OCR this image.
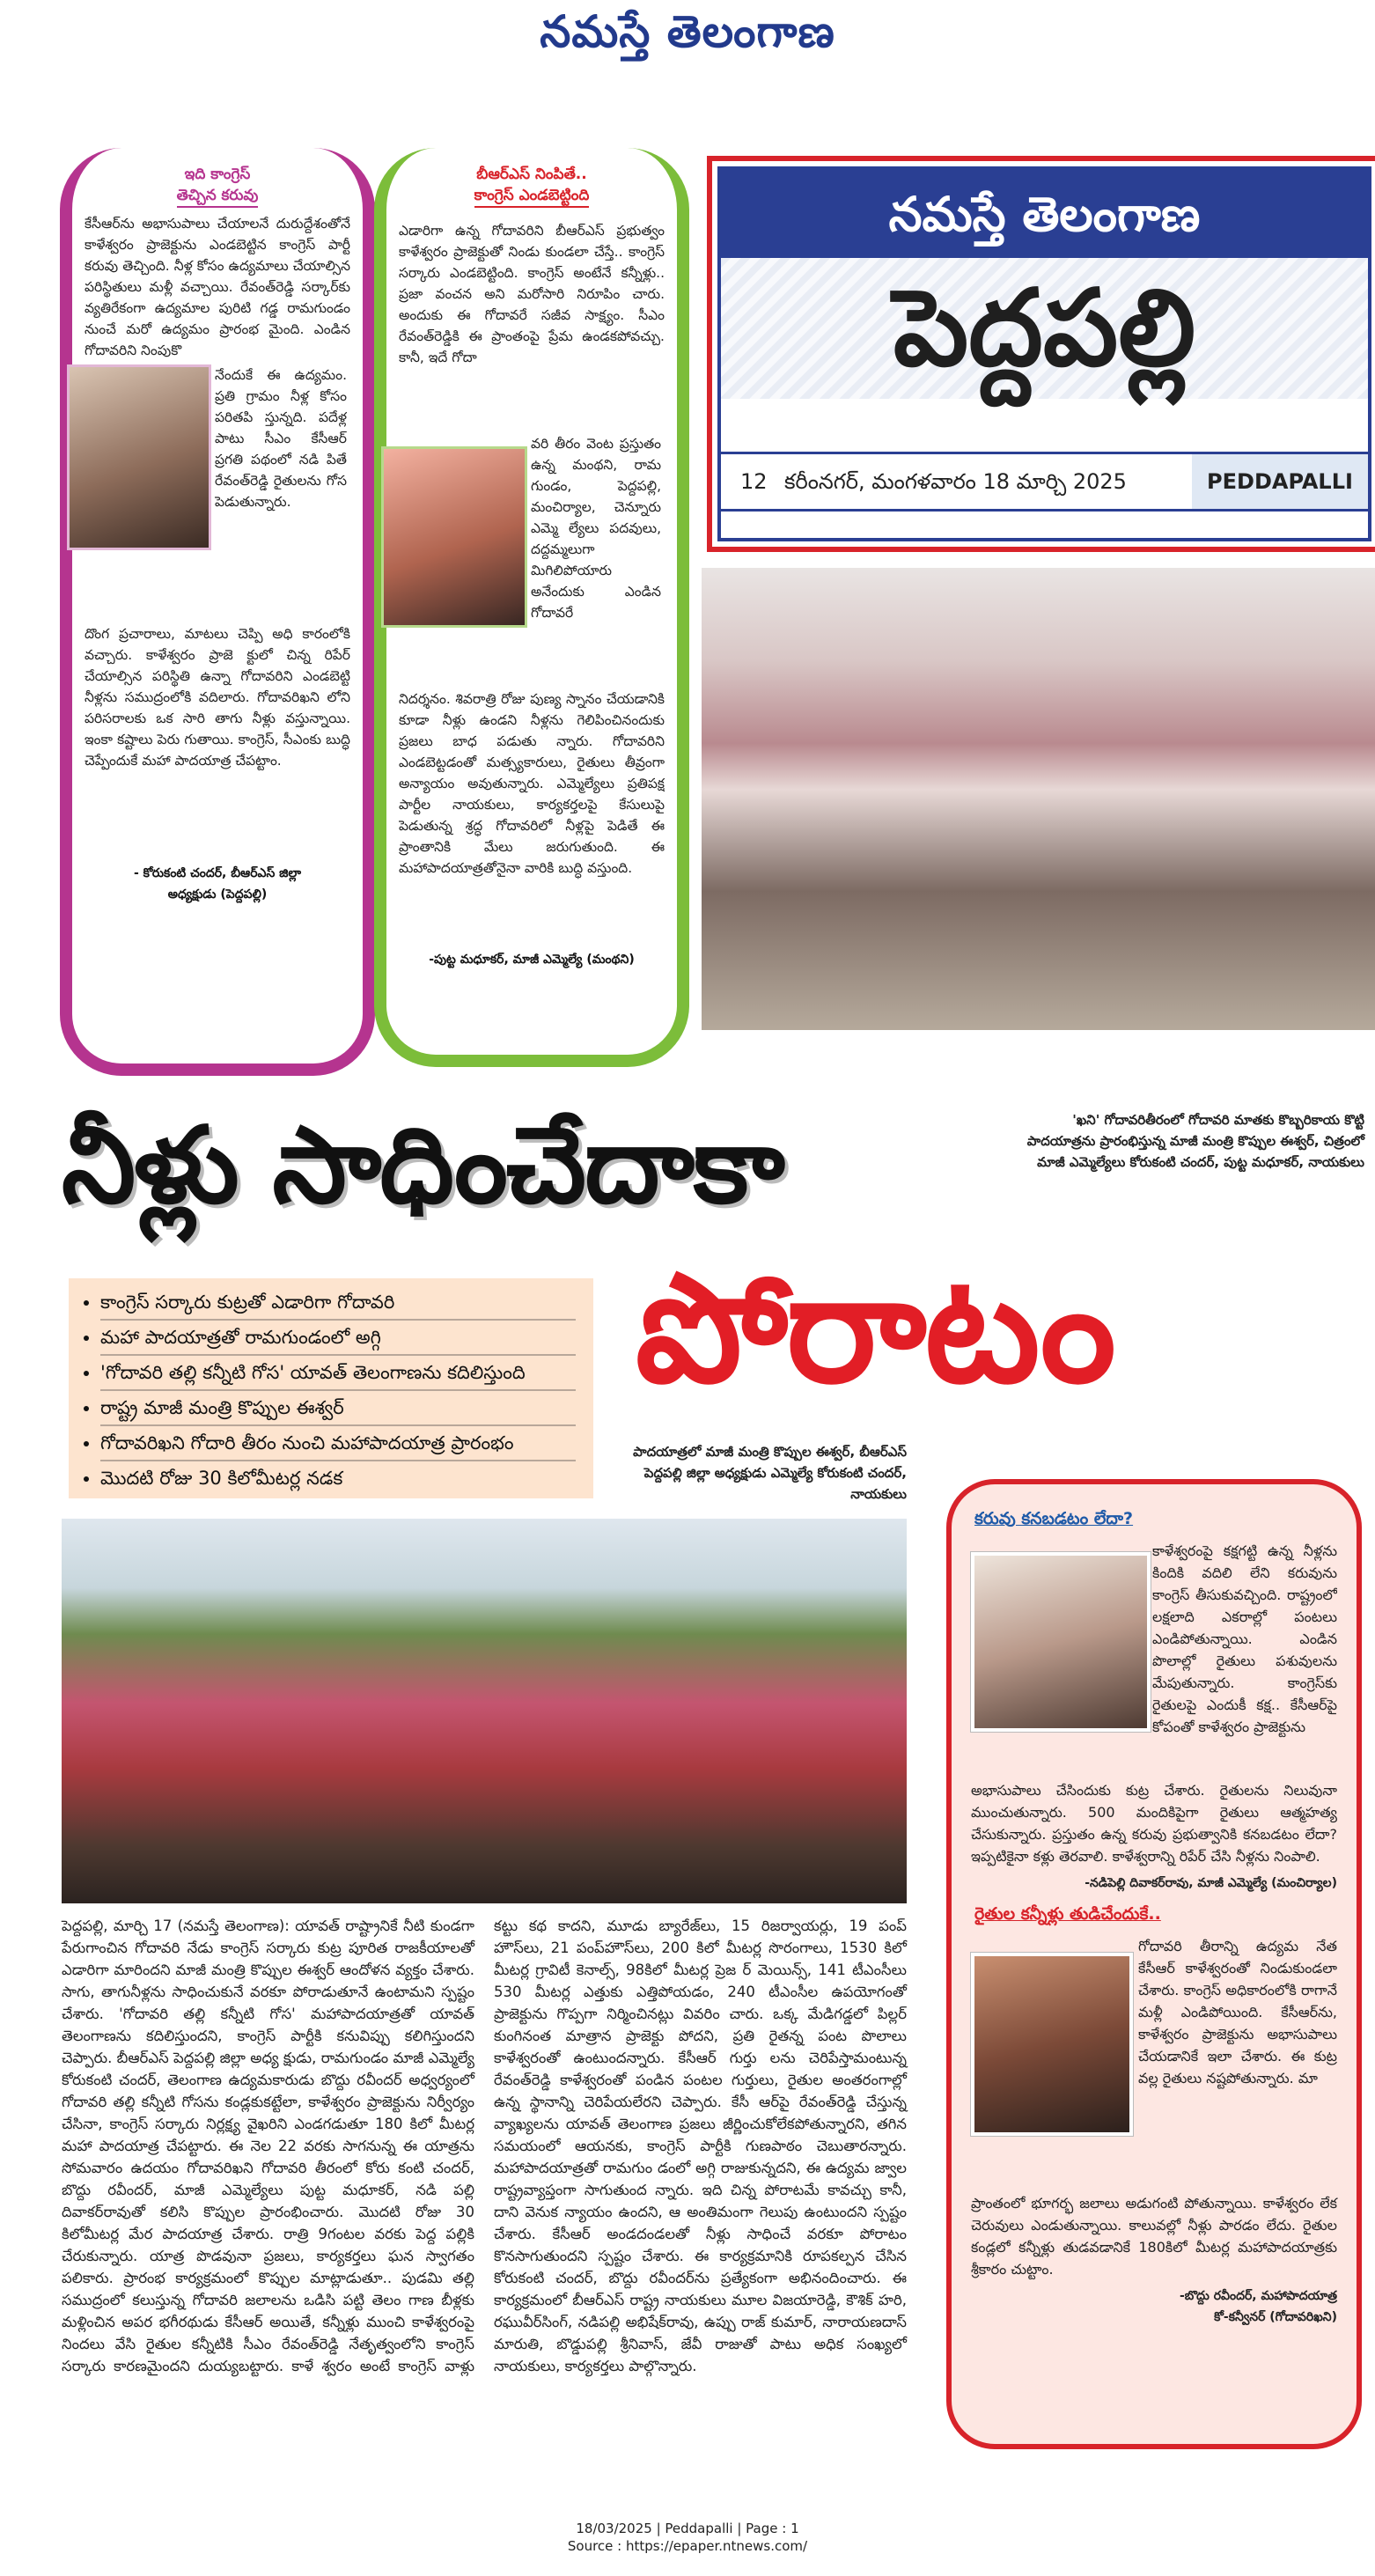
నమస్తే తెలంగాణ
ఇది కాంగ్రెస్
తెచ్చిన కరువు
కేసీఆర్‌ను అభాసుపాలు చేయాలనే దురుద్దేశంతోనే కాళేశ్వరం ప్రాజెక్టును ఎండబెట్టిన కాంగ్రెస్ పార్టీ కరువు తెచ్చింది. నీళ్ల కోసం ఉద్యమాలు చేయాల్సిన పరిస్థితులు మళ్లీ వచ్చాయి. రేవంత్‌రెడ్డి సర్కార్‌కు వ్యతిరేకంగా ఉద్యమాల పురిటి గడ్డ రామగుండం నుంచే మరో ఉద్యమం ప్రారంభ మైంది. ఎండిన గోదావరిని నింపుకొ
నేందుకే ఈ ఉద్యమం. ప్రతి గ్రామం నీళ్ల కోసం పరితపి స్తున్నది. పదేళ్ల పాటు సీఎం కేసీఆర్ ప్రగతి పథంలో నడి పితే రేవంత్‌రెడ్డి రైతులను గోస పెడుతున్నారు.
దొంగ ప్రచారాలు, మాటలు చెప్పి అధి కారంలోకి వచ్చారు. కాళేశ్వరం ప్రాజె క్టులో చిన్న రిపేర్ చేయాల్సిన పరిస్థితి ఉన్నా గోదావరిని ఎండబెట్టి నీళ్లను సముద్రంలోకి వదిలారు. గోదావరిఖని లోని పరిసరాలకు ఒక సారి తాగు నీళ్లు వస్తున్నాయి. ఇంకా కష్టాలు పెరు గుతాయి. కాంగ్రెస్, సీఎంకు బుద్ధి చెప్పేందుకే మహా పాదయాత్ర చేపట్టాం.
- కోరుకంటి చందర్, బీఆర్‌ఎస్ జిల్లా
అధ్యక్షుడు (పెద్దపల్లి)
బీఆర్‌ఎస్ నింపితే..
కాంగ్రెస్ ఎండబెట్టింది
ఎడారిగా ఉన్న గోదావరిని బీఆర్‌ఎస్ ప్రభుత్వం కాళేశ్వరం ప్రాజెక్టుతో నిండు కుండలా చేస్తే.. కాంగ్రెస్ సర్కారు ఎండబెట్టింది. కాంగ్రెస్ అంటేనే కన్నీళ్లు.. ప్రజా వంచన అని మరోసారి నిరూపిం చారు. అందుకు ఈ గోదావరే సజీవ సాక్ష్యం. సీఎం రేవంత్‌రెడ్డికి ఈ ప్రాంతంపై ప్రేమ ఉండకపోవచ్చు. కానీ, ఇదే గోదా
వరి తీరం వెంట ప్రస్తుతం ఉన్న మంథని, రామ గుండం, పెద్దపల్లి, మంచిర్యాల, చెన్నూరు ఎమ్మె ల్యేలు పదవులు, దద్దమ్మలుగా మిగిలిపోయారు అనేందుకు ఎండిన గోదావరే
నిదర్శనం. శివరాత్రి రోజు పుణ్య స్నానం చేయడానికి కూడా నీళ్లు ఉండని నీళ్లను గెలిపించినందుకు ప్రజలు బాధ పడుతు న్నారు. గోదావరిని ఎండబెట్టడంతో మత్స్యకారులు, రైతులు తీవ్రంగా అన్యాయం అవుతున్నారు. ఎమ్మెల్యేలు ప్రతిపక్ష పార్టీల నాయకులు, కార్యకర్తలపై కేసులుపై పెడుతున్న శ్రద్ధ గోదావరిలో నీళ్లపై పెడితే ఈ ప్రాంతానికి మేలు జరుగుతుంది. ఈ మహాపాదయాత్రతోనైనా వారికి బుద్ధి వస్తుంది.
-పుట్ట మధూకర్, మాజీ ఎమ్మెల్యే (మంథని)
నమస్తే తెలంగాణ
పెద్దపల్లి
12 కరీంనగర్, మంగళవారం 18 మార్చి 2025	PEDDAPALLI
'ఖని' గోదావరితీరంలో గోదావరి మాతకు కొబ్బరికాయ కొట్టి పాదయాత్రను ప్రారంభిస్తున్న మాజీ మంత్రి కొప్పుల ఈశ్వర్, చిత్రంలో మాజీ ఎమ్మెల్యేలు కోరుకంటి చందర్, పుట్ట మధూకర్, నాయకులు
నీళ్లు సాధించేదాకా
పోరాటం
• కాంగ్రెస్ సర్కారు కుట్రతో ఎడారిగా గోదావరి
• మహా పాదయాత్రతో రామగుండంలో అగ్గి
• 'గోదావరి తల్లి కన్నీటి గోస' యావత్ తెలంగాణను కదిలిస్తుంది
• రాష్ట్ర మాజీ మంత్రి కొప్పుల ఈశ్వర్
• గోదావరిఖని గోదారి తీరం నుంచి మహాపాదయాత్ర ప్రారంభం
• మొదటి రోజు 30 కిలోమీటర్ల నడక
పాదయాత్రలో మాజీ మంత్రి కొప్పుల ఈశ్వర్, బీఆర్‌ఎస్ పెద్దపల్లి జిల్లా అధ్యక్షుడు ఎమ్మెల్యే కోరుకంటి చందర్, నాయకులు
పెద్దపల్లి, మార్చి 17 (నమస్తే తెలంగాణ): యావత్ రాష్ట్రానికే నీటి కుండగా పేరుగాంచిన గోదావరి నేడు కాంగ్రెస్ సర్కారు కుట్ర పూరిత రాజకీయాలతో ఎడారిగా మారిందని మాజీ మంత్రి కొప్పుల ఈశ్వర్ ఆందోళన వ్యక్తం చేశారు. సాగు, తాగునీళ్లను సాధించుకునే వరకూ పోరాడుతూనే ఉంటామని స్పష్టం చేశారు. 'గోదావరి తల్లి కన్నీటి గోస' మహాపాదయాత్రతో యావత్ తెలంగాణను కదిలిస్తుందని, కాంగ్రెస్ పార్టీకి కనువిప్పు కలిగిస్తుందని చెప్పారు. బీఆర్‌ఎస్ పెద్దపల్లి జిల్లా అధ్య క్షుడు, రామగుండం మాజీ ఎమ్మెల్యే కోరుకంటి చందర్, తెలంగాణ ఉద్యమకారుడు బొద్దు రవీందర్ అధ్వర్యంలో గోదావరి తల్లి కన్నీటి గోసను కండ్లకుకట్టేలా, కాళేశ్వరం ప్రాజెక్టును నిర్వీర్యం చేసినా, కాంగ్రెస్ సర్కారు నిర్లక్ష్య వైఖరిని ఎండగడుతూ 180 కిలో మీటర్ల మహా పాదయాత్ర చేపట్టారు. ఈ నెల 22 వరకు సాగనున్న ఈ యాత్రను సోమవారం ఉదయం గోదావరిఖని గోదావరి తీరంలో కోరు కంటి చందర్, బొద్దు రవీందర్, మాజీ ఎమ్మెల్యేలు పుట్ట మధూకర్, నడి పల్లి దివాకర్‌రావుతో కలిసి కొప్పుల ప్రారంభించారు. మొదటి రోజు 30 కిలోమీటర్ల మేర పాదయాత్ర చేశారు. రాత్రి 9గంటల వరకు పెద్ద పల్లికి చేరుకున్నారు. యాత్ర పొడవునా ప్రజలు, కార్యకర్తలు ఘన స్వాగతం పలికారు. ప్రారంభ కార్యక్రమంలో కొప్పుల మాట్లాడుతూ.. పుడమి తల్లి సముద్రంలో కలుస్తున్న గోదావరి జలాలను ఒడిసి పట్టి తెలం గాణ బీళ్లకు మళ్లించిన అపర భగీరథుడు కేసీఆర్ అయితే, కన్నీళ్లు ముంచి కాళేశ్వరంపై నిందలు వేసి రైతుల కన్నీటికి సీఎం రేవంత్‌రెడ్డి నేతృత్వంలోని కాంగ్రెస్ సర్కారు కారణమైందని దుయ్యబట్టారు. కాళే శ్వరం అంటే కాంగ్రెస్ వాళ్లు కట్టు కథ కాదని, మూడు బ్యారేజ్‌లు, 15 రిజర్వాయర్లు, 19 పంప్ హౌస్‌లు, 21 పంప్‌హౌస్‌లు, 200 కిలో మీటర్ల సొరంగాలు, 1530 కిలో మీటర్ల గ్రావిటీ కెనాల్స్, 98కిలో మీటర్ల ప్రెజ ర్ మెయిన్స్, 141 టీఎంసీలు 530 మీటర్ల ఎత్తుకు ఎత్తిపోయడం, 240 టీఎంసీల ఉపయోగంతో ప్రాజెక్టును గొప్పగా నిర్మించినట్లు వివరిం చారు. ఒక్క మేడిగడ్డలో పిల్లర్ కుంగినంత మాత్రాన ప్రాజెక్టు పోదని, ప్రతి రైతన్న పంట పొలాలు కాళేశ్వరంతో ఉంటుందన్నారు. కేసీఆర్ గుర్తు లను చెరిపేస్తామంటున్న రేవంత్‌రెడ్డి కాళేశ్వరంతో పండిన పంటల గుర్తులు, రైతుల అంతరంగాల్లో ఉన్న స్థానాన్ని చెరిపేయలేరని చెప్పారు. కేసీ ఆర్‌పై రేవంత్‌రెడ్డి చేస్తున్న వ్యాఖ్యలను యావత్ తెలంగాణ ప్రజలు జీర్ణించుకోలేకపోతున్నారని, తగిన సమయంలో ఆయనకు, కాంగ్రెస్ పార్టీకి గుణపాఠం చెబుతారన్నారు. మహాపాదయాత్రతో రామగుం డంలో అగ్గి రాజుకున్నదని, ఈ ఉద్యమ జ్వాల రాష్ట్రవ్యాప్తంగా సాగుతుంద న్నారు. ఇది చిన్న పోరాటమే కావచ్చు కానీ, దాని వెనుక న్యాయం ఉందని, ఆ అంతిమంగా గెలుపు ఉంటుందని స్పష్టం చేశారు. కేసీఆర్ అండదండలతో నీళ్లు సాధించే వరకూ పోరాటం కొనసాగుతుందని స్పష్టం చేశారు. ఈ కార్యక్రమానికి రూపకల్పన చేసిన కోరుకంటి చందర్, బొద్దు రవీందర్‌ను ప్రత్యేకంగా అభినందించారు. ఈ కార్యక్రమంలో బీఆర్‌ఎస్ రాష్ట్ర నాయకులు మూల విజయారెడ్డి, కౌశిక్ హరి, రఘువీర్‌సింగ్, నడిపల్లి అభిషేక్‌రావు, ఉప్పు రాజ్ కుమార్, నారాయణదాస్ మారుతి, బొడ్డుపల్లి శ్రీనివాస్, జేవీ రాజుతో పాటు అధిక సంఖ్యలో నాయకులు, కార్యకర్తలు పాల్గొన్నారు.
కరువు కనబడటం లేదా?
కాళేశ్వరంపై కక్షగట్టి ఉన్న నీళ్లను కిందికి వదిలి లేని కరువును కాంగ్రెస్ తీసుకువచ్చింది. రాష్ట్రంలో లక్షలాది ఎకరాల్లో పంటలు ఎండిపోతున్నాయి. ఎండిన పొలాల్లో రైతులు పశువులను మేపుతున్నారు. కాంగ్రెస్‌కు రైతులపై ఎందుకీ కక్ష.. కేసీఆర్‌పై కోపంతో కాళేశ్వరం ప్రాజెక్టును
అభాసుపాలు చేసిందుకు కుట్ర చేశారు. రైతులను నిలువునా ముంచుతున్నారు. 500 మందికిపైగా రైతులు ఆత్మహత్య చేసుకున్నారు. ప్రస్తుతం ఉన్న కరువు ప్రభుత్వానికి కనబడటం లేదా? ఇప్పటికైనా కళ్లు తెరవాలి. కాళేశ్వరాన్ని రిపేర్ చేసి నీళ్లను నింపాలి.
-నడిపెల్లి దివాకర్‌రావు, మాజీ ఎమ్మెల్యే (మంచిర్యాల)
రైతుల కన్నీళ్లు తుడిచేందుకే..
గోదావరి తీరాన్ని ఉద్యమ నేత కేసీఆర్ కాళేశ్వరంతో నిండుకుండలా చేశారు. కాంగ్రెస్ అధికారంలోకి రాగానే మళ్లీ ఎండిపోయింది. కేసీఆర్‌ను, కాళేశ్వరం ప్రాజెక్టును అభాసుపాలు చేయడానికే ఇలా చేశారు. ఈ కుట్ర వల్ల రైతులు నష్టపోతున్నారు. మా
ప్రాంతంలో భూగర్భ జలాలు అడుగంటి పోతున్నాయి. కాళేశ్వరం లేక చెరువులు ఎండుతున్నాయి. కాలువల్లో నీళ్లు పారడం లేదు. రైతుల కండ్లలో కన్నీళ్లు తుడవడానికే 180కిలో మీటర్ల మహాపాదయాత్రకు శ్రీకారం చుట్టాం.
-బొద్దు రవీందర్, మహాపాదయాత్ర
కో-కన్వీనర్ (గోదావరిఖని)
18/03/2025 | Peddapalli | Page : 1
Source : https://epaper.ntnews.com/
